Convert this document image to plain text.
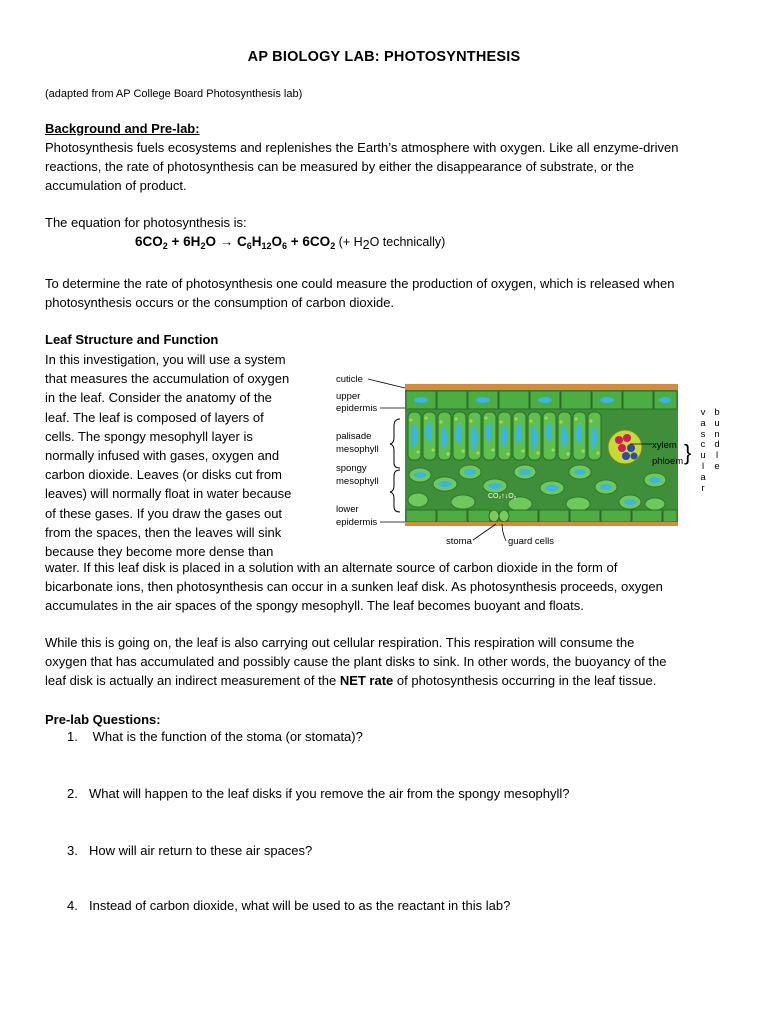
AP BIOLOGY LAB: PHOTOSYNTHESIS
(adapted from AP College Board Photosynthesis lab)
Background and Pre-lab:
Photosynthesis fuels ecosystems and replenishes the Earth’s atmosphere with oxygen. Like all enzyme-driven
reactions, the rate of photosynthesis can be measured by either the disappearance of substrate, or the
accumulation of product.
The equation for photosynthesis is:
$6CO_2 + 6H_2O \to C_6H_{12}O_6 + 6CO_2$ (+ $H_2O$ technically)
To determine the rate of photosynthesis one could measure the production of oxygen, which is released when
photosynthesis occurs or the consumption of carbon dioxide.
Leaf Structure and Function
In this investigation, you will use a system
that measures the accumulation of oxygen
in the leaf. Consider the anatomy of the
leaf. The leaf is composed of layers of
cells. The spongy mesophyll layer is
normally infused with gases, oxygen and
carbon dioxide. Leaves (or disks cut from
leaves) will normally float in water because
of these gases. If you draw the gases out
from the spaces, then the leaves will sink
because they become more dense than
water. If this leaf disk is placed in a solution with an alternate source of carbon dioxide in the form of
bicarbonate ions, then photosynthesis can occur in a sunken leaf disk. As photosynthesis proceeds, oxygen
accumulates in the air spaces of the spongy mesophyll. The leaf becomes buoyant and floats.
cuticle
upper
epidermis
palisade
mesophyll
spongy
mesophyll
lower
epidermis
CO₂↑↓O₂
stoma	guard cells
xylem
phloem }
v
a
s
c
u
l
a
r
b
u
n
d
l
e
While this is going on, the leaf is also carrying out cellular respiration. This respiration will consume the
oxygen that has accumulated and possibly cause the plant disks to sink. In other words, the buoyancy of the
leaf disk is actually an indirect measurement of the NET rate of photosynthesis occurring in the leaf tissue.
Pre-lab Questions:
1. What is the function of the stoma (or stomata)?
2. What will happen to the leaf disks if you remove the air from the spongy mesophyll?
3. How will air return to these air spaces?
4. Instead of carbon dioxide, what will be used to as the reactant in this lab?
